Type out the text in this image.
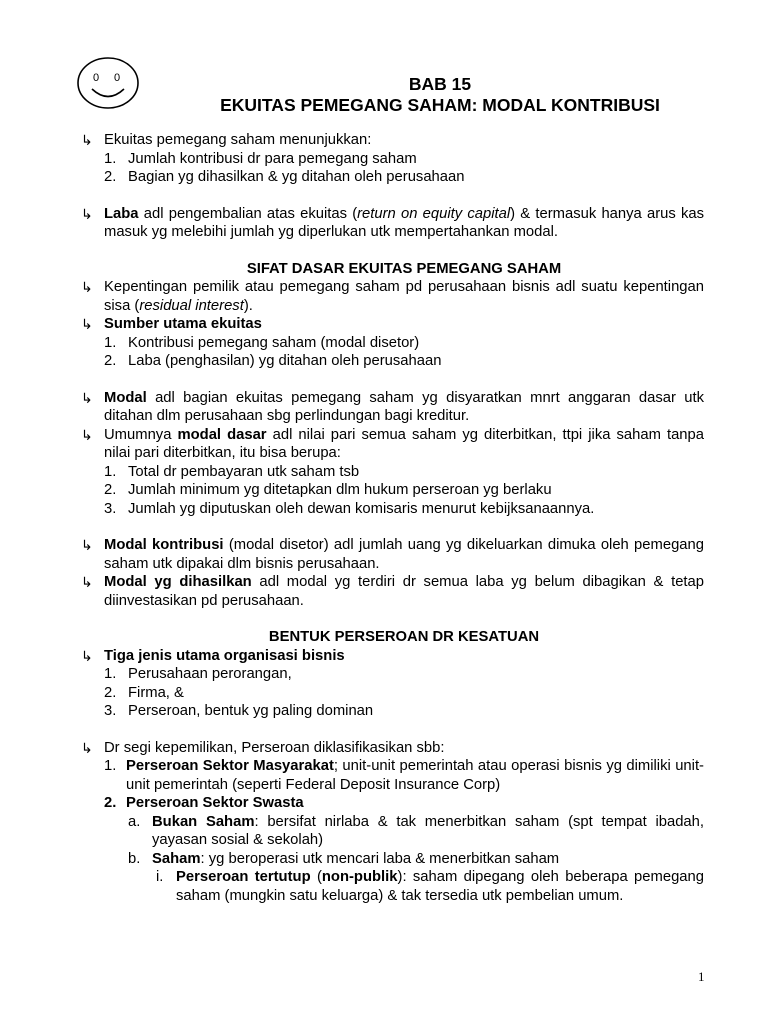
0 0	BAB 15
EKUITAS PEMEGANG SAHAM: MODAL KONTRIBUSI
↳ Ekuitas pemegang saham menunjukkan:
1. Jumlah kontribusi dr para pemegang saham
2. Bagian yg dihasilkan & yg ditahan oleh perusahaan
↳ Laba adl pengembalian atas ekuitas (return on equity capital) & termasuk hanya arus kas masuk yg melebihi jumlah yg diperlukan utk mempertahankan modal.
SIFAT DASAR EKUITAS PEMEGANG SAHAM
↳ Kepentingan pemilik atau pemegang saham pd perusahaan bisnis adl suatu kepentingan sisa (residual interest).
↳ Sumber utama ekuitas
1. Kontribusi pemegang saham (modal disetor)
2. Laba (penghasilan) yg ditahan oleh perusahaan
↳ Modal adl bagian ekuitas pemegang saham yg disyaratkan mnrt anggaran dasar utk ditahan dlm perusahaan sbg perlindungan bagi kreditur.
↳ Umumnya modal dasar adl nilai pari semua saham yg diterbitkan, ttpi jika saham tanpa nilai pari diterbitkan, itu bisa berupa:
1. Total dr pembayaran utk saham tsb
2. Jumlah minimum yg ditetapkan dlm hukum perseroan yg berlaku
3. Jumlah yg diputuskan oleh dewan komisaris menurut kebijksanaannya.
↳ Modal kontribusi (modal disetor) adl jumlah uang yg dikeluarkan dimuka oleh pemegang saham utk dipakai dlm bisnis perusahaan.
↳ Modal yg dihasilkan adl modal yg terdiri dr semua laba yg belum dibagikan & tetap diinvestasikan pd perusahaan.
BENTUK PERSEROAN DR KESATUAN
↳ Tiga jenis utama organisasi bisnis
1. Perusahaan perorangan,
2. Firma, &
3. Perseroan, bentuk yg paling dominan
↳ Dr segi kepemilikan, Perseroan diklasifikasikan sbb:
1. Perseroan Sektor Masyarakat; unit-unit pemerintah atau operasi bisnis yg dimiliki unit-unit pemerintah (seperti Federal Deposit Insurance Corp)
2. Perseroan Sektor Swasta
a. Bukan Saham: bersifat nirlaba & tak menerbitkan saham (spt tempat ibadah, yayasan sosial & sekolah)
b. Saham: yg beroperasi utk mencari laba & menerbitkan saham
i. Perseroan tertutup (non-publik): saham dipegang oleh beberapa pemegang saham (mungkin satu keluarga) & tak tersedia utk pembelian umum.
1
